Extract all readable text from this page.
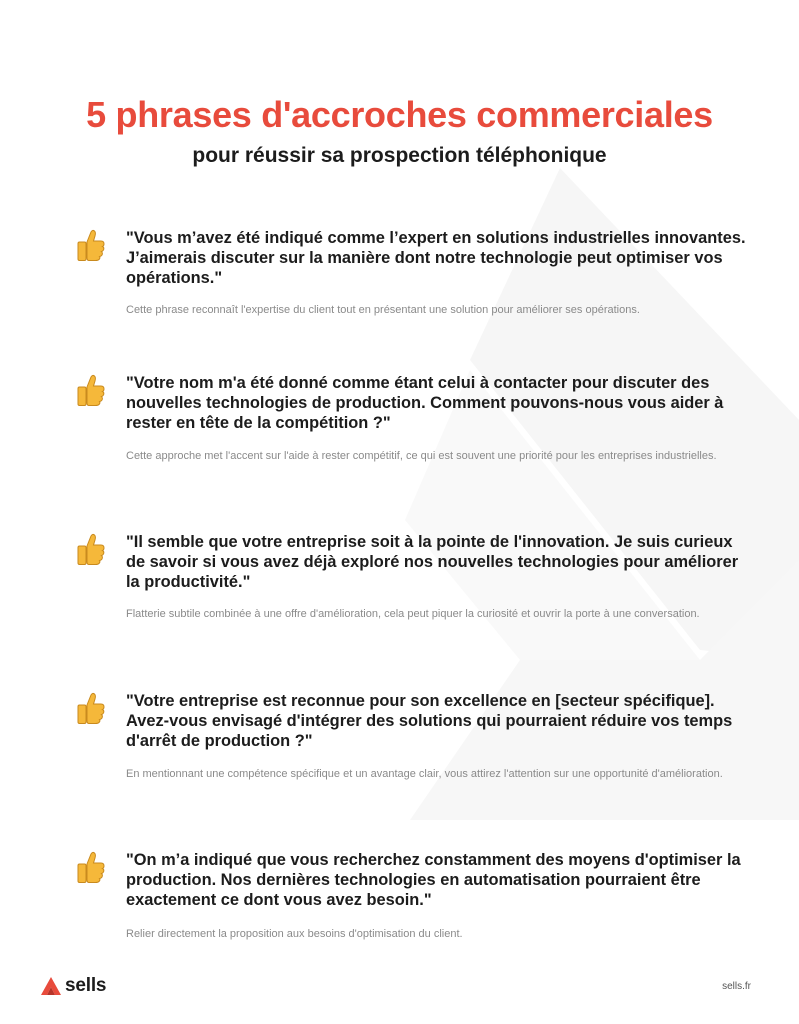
5 phrases d'accroches commerciales
pour réussir sa prospection téléphonique
"Vous m’avez été indiqué comme l’expert en solutions industrielles innovantes. J’aimerais discuter sur la manière dont notre technologie peut optimiser vos opérations."
Cette phrase reconnaît l'expertise du client tout en présentant une solution pour améliorer ses opérations.
"Votre nom m'a été donné comme étant celui à contacter pour discuter des nouvelles technologies de production. Comment pouvons-nous vous aider à rester en tête de la compétition ?"
Cette approche met l'accent sur l'aide à rester compétitif, ce qui est souvent une priorité pour les entreprises industrielles.
"Il semble que votre entreprise soit à la pointe de l'innovation. Je suis curieux de savoir si vous avez déjà exploré nos nouvelles technologies pour améliorer la productivité."
Flatterie subtile combinée à une offre d'amélioration, cela peut piquer la curiosité et ouvrir la porte à une conversation.
"Votre entreprise est reconnue pour son excellence en [secteur spécifique]. Avez-vous envisagé d'intégrer des solutions qui pourraient réduire vos temps d'arrêt de production ?"
En mentionnant une compétence spécifique et un avantage clair, vous attirez l'attention sur une opportunité d'amélioration.
"On m’a indiqué que vous recherchez constamment des moyens d'optimiser la production. Nos dernières technologies en automatisation pourraient être exactement ce dont vous avez besoin."
Relier directement la proposition aux besoins d'optimisation du client.
sells	sells.fr
